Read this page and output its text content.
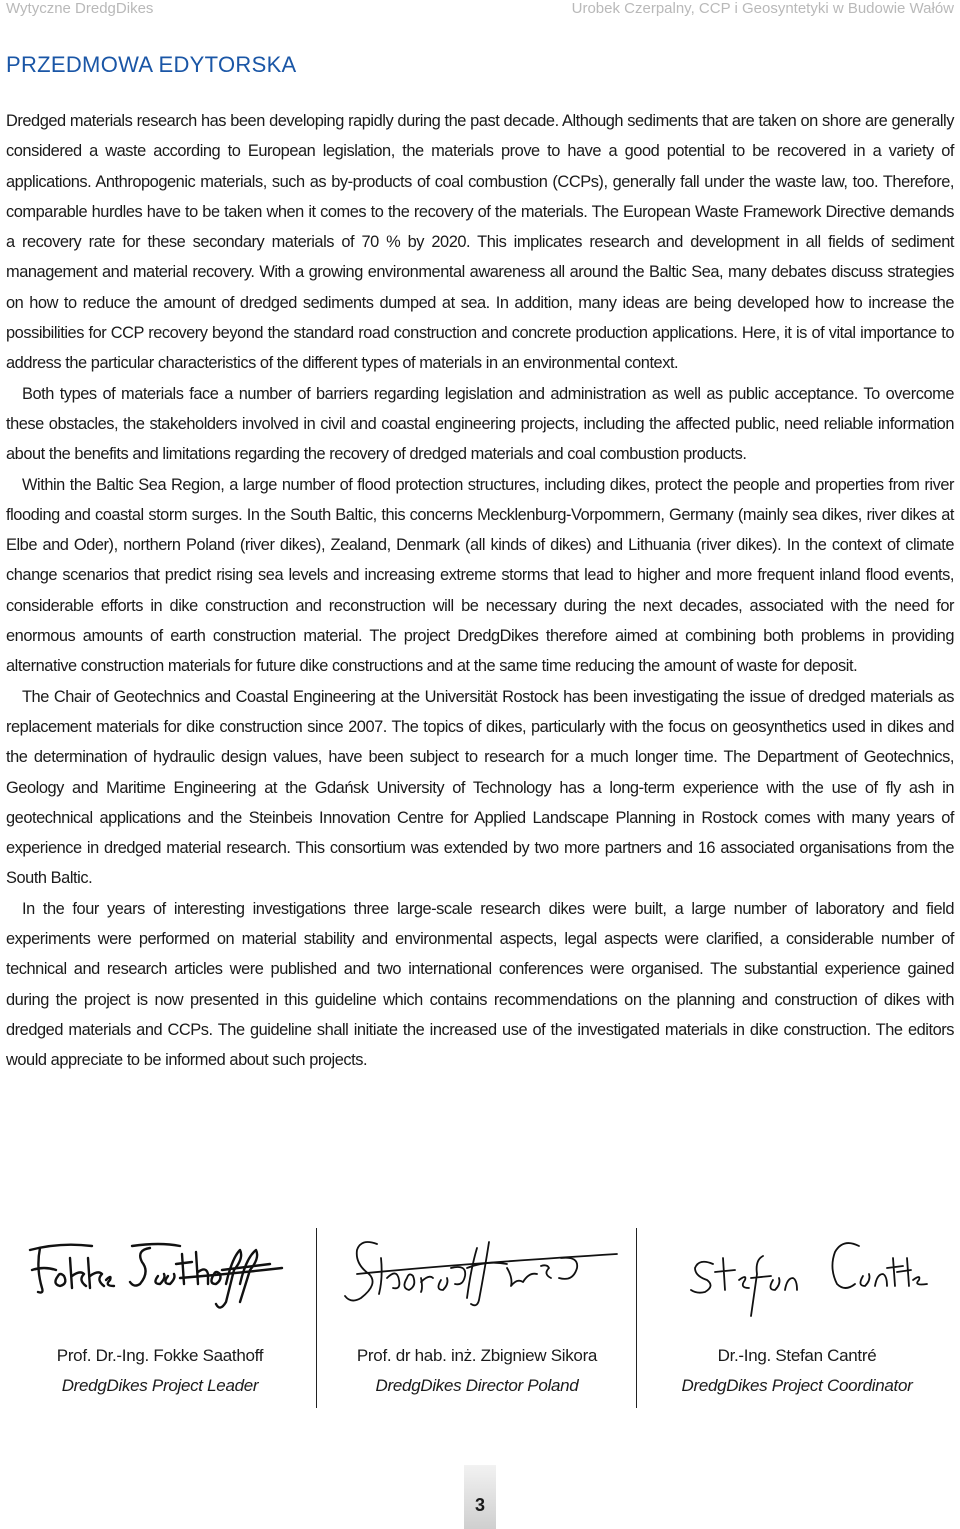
Wytyczne DredgDikes	Urobek Czerpalny, CCP i Geosyntetyki w Budowie Wałów
PRZEDMOWA EDYTORSKA

Dredged materials research has been developing rapidly during the past decade. Although sediments that are taken on shore are generally considered a waste according to European legislation, the materials prove to have a good potential to be recovered in a variety of applications. Anthropogenic materials, such as by-products of coal combustion (CCPs), generally fall under the waste law, too. Therefore, comparable hurdles have to be taken when it comes to the recovery of the materials. The European Waste Framework Directive demands a recovery rate for these secondary materials of 70 % by 2020. This implicates research and development in all fields of sediment management and material recovery. With a growing environmental awareness all around the Baltic Sea, many debates discuss strategies on how to reduce the amount of dredged sediments dumped at sea. In addition, many ideas are being developed how to increase the possibilities for CCP recovery beyond the standard road construction and concrete production applications. Here, it is of vital importance to address the particular characteristics of the different types of materials in an environmental context.

Both types of materials face a number of barriers regarding legislation and administration as well as public acceptance. To overcome these obstacles, the stakeholders involved in civil and coastal engineering projects, including the affected public, need reliable information about the benefits and limitations regarding the recovery of dredged materials and coal combustion products.

Within the Baltic Sea Region, a large number of flood protection structures, including dikes, protect the people and properties from river flooding and coastal storm surges. In the South Baltic, this concerns Mecklenburg-Vorpommern, Germany (mainly sea dikes, river dikes at Elbe and Oder), northern Poland (river dikes), Zealand, Denmark (all kinds of dikes) and Lithuania (river dikes). In the context of climate change scenarios that predict rising sea levels and increasing extreme storms that lead to higher and more frequent inland flood events, considerable efforts in dike construction and reconstruction will be necessary during the next decades, associated with the need for enormous amounts of earth construction material. The project DredgDikes therefore aimed at combining both problems in providing alternative construction materials for future dike constructions and at the same time reducing the amount of waste for deposit.

The Chair of Geotechnics and Coastal Engineering at the Universität Rostock has been investigating the issue of dredged materials as replacement materials for dike construction since 2007. The topics of dikes, particularly with the focus on geosynthetics used in dikes and the determination of hydraulic design values, have been subject to research for a much longer time. The Department of Geotechnics, Geology and Maritime Engineering at the Gdańsk University of Technology has a long-term experience with the use of fly ash in geotechnical applications and the Steinbeis Innovation Centre for Applied Landscape Planning in Rostock comes with many years of experience in dredged material research. This consortium was extended by two more partners and 16 associated organisations from the South Baltic.

In the four years of interesting investigations three large-scale research dikes were built, a large number of laboratory and field experiments were performed on material stability and environmental aspects, legal aspects were clarified, a considerable number of technical and research articles were published and two international conferences were organised. The substantial experience gained during the project is now presented in this guideline which contains recommendations on the planning and construction of dikes with dredged materials and CCPs. The guideline shall initiate the increased use of the investigated materials in dike construction. The editors would appreciate to be informed about such projects.

Prof. Dr.-Ing. Fokke Saathoff
DredgDikes Project Leader
Prof. dr hab. inż. Zbigniew Sikora
DredgDikes Director Poland
Dr.-Ing. Stefan Cantré
DredgDikes Project Coordinator
3
